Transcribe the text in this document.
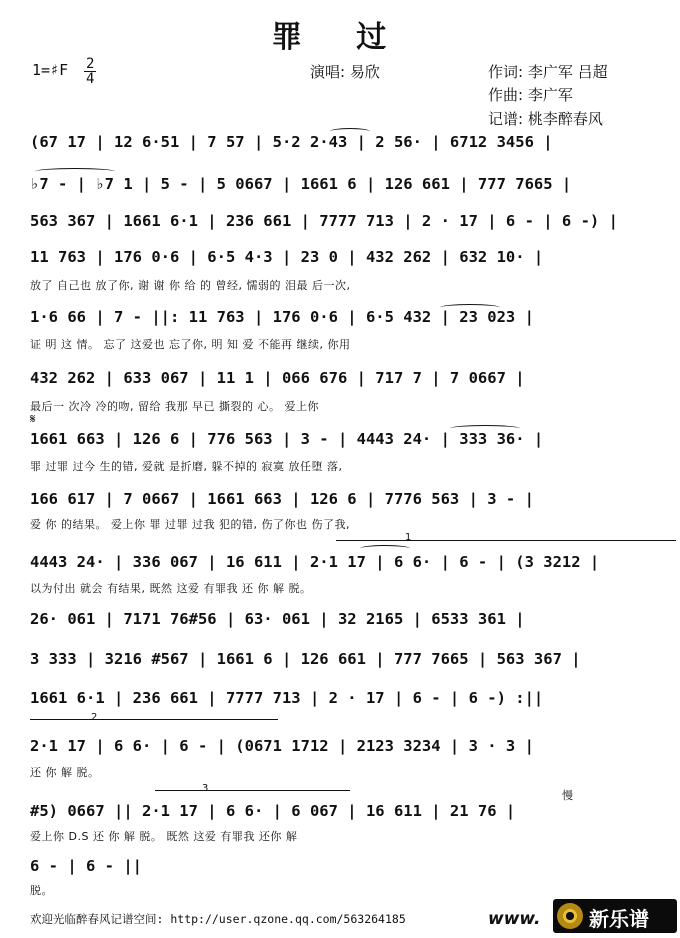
罪 过
1=♯F $\frac{2}{4}$	演唱: 易欣	作词: 李广军 吕超
作曲: 李广军
记谱: 桃李醉春风
(67 17 | 12 6·51 | 7 57 | 5·2 2·43 | 2 56· | 6712 3456 |
♭7 - | ♭7 1 | 5 - | 5 0667 | 1661 6 | 126 661 | 777 7665 |
563 367 | 1661 6·1 | 236 661 | 7777 713 | 2 · 17 | 6 - | 6 -) |
11 763 | 176 0·6 | 6·5 4·3 | 23 0 | 432 262 | 632 10· |
放了 自己也 放了你, 谢 谢 你 给 的 曾经, 懦弱的 泪最 后一次,
1·6 66 | 7 - ||: 11 763 | 176 0·6 | 6·5 432 | 23 023 |
证 明 这 情。 忘了 这爱也 忘了你, 明 知 爱 不能再 继续, 你用
432 262 | 633 067 | 11 1 | 066 676 | 717 7 | 7 0667 |
最后一 次冷 冷的吻, 留给 我那 早已 撕裂的 心。 爱上你
𝄋
1661 663 | 126 6 | 776 563 | 3 - | 4443 24· | 333 36· |
罪 过罪 过今 生的错, 爱就 是折磨, 躲不掉的 寂寞 放任堕 落,
166 617 | 7 0667 | 1661 663 | 126 6 | 7776 563 | 3 - |
爱 你 的结果。 爱上你 罪 过罪 过我 犯的错, 伤了你也 伤了我,
1
4443 24· | 336 067 | 16 611 | 2·1 17 | 6 6· | 6 - | (3 3212 |
以为付出 就会 有结果, 既然 这爱 有罪我 还 你 解 脱。
26· 061 | 7171 76#56 | 63· 061 | 32 2165 | 6533 361 |
3 333 | 3216 #567 | 1661 6 | 126 661 | 777 7665 | 563 367 |
1661 6·1 | 236 661 | 7777 713 | 2 · 17 | 6 - | 6 -) :||
2
2·1 17 | 6 6· | 6 - | (0671 1712 | 2123 3234 | 3 · 3 |
还 你 解 脱。
3
慢
#5) 0667 || 2·1 17 | 6 6· | 6 067 | 16 611 | 21 76 |
爱上你 D.S 还 你 解 脱。 既然 这爱 有罪我 还你 解
6 - | 6 - ||
脱。
欢迎光临醉春风记谱空间: http://user.qzone.qq.com/563264185	www. 新乐谱
